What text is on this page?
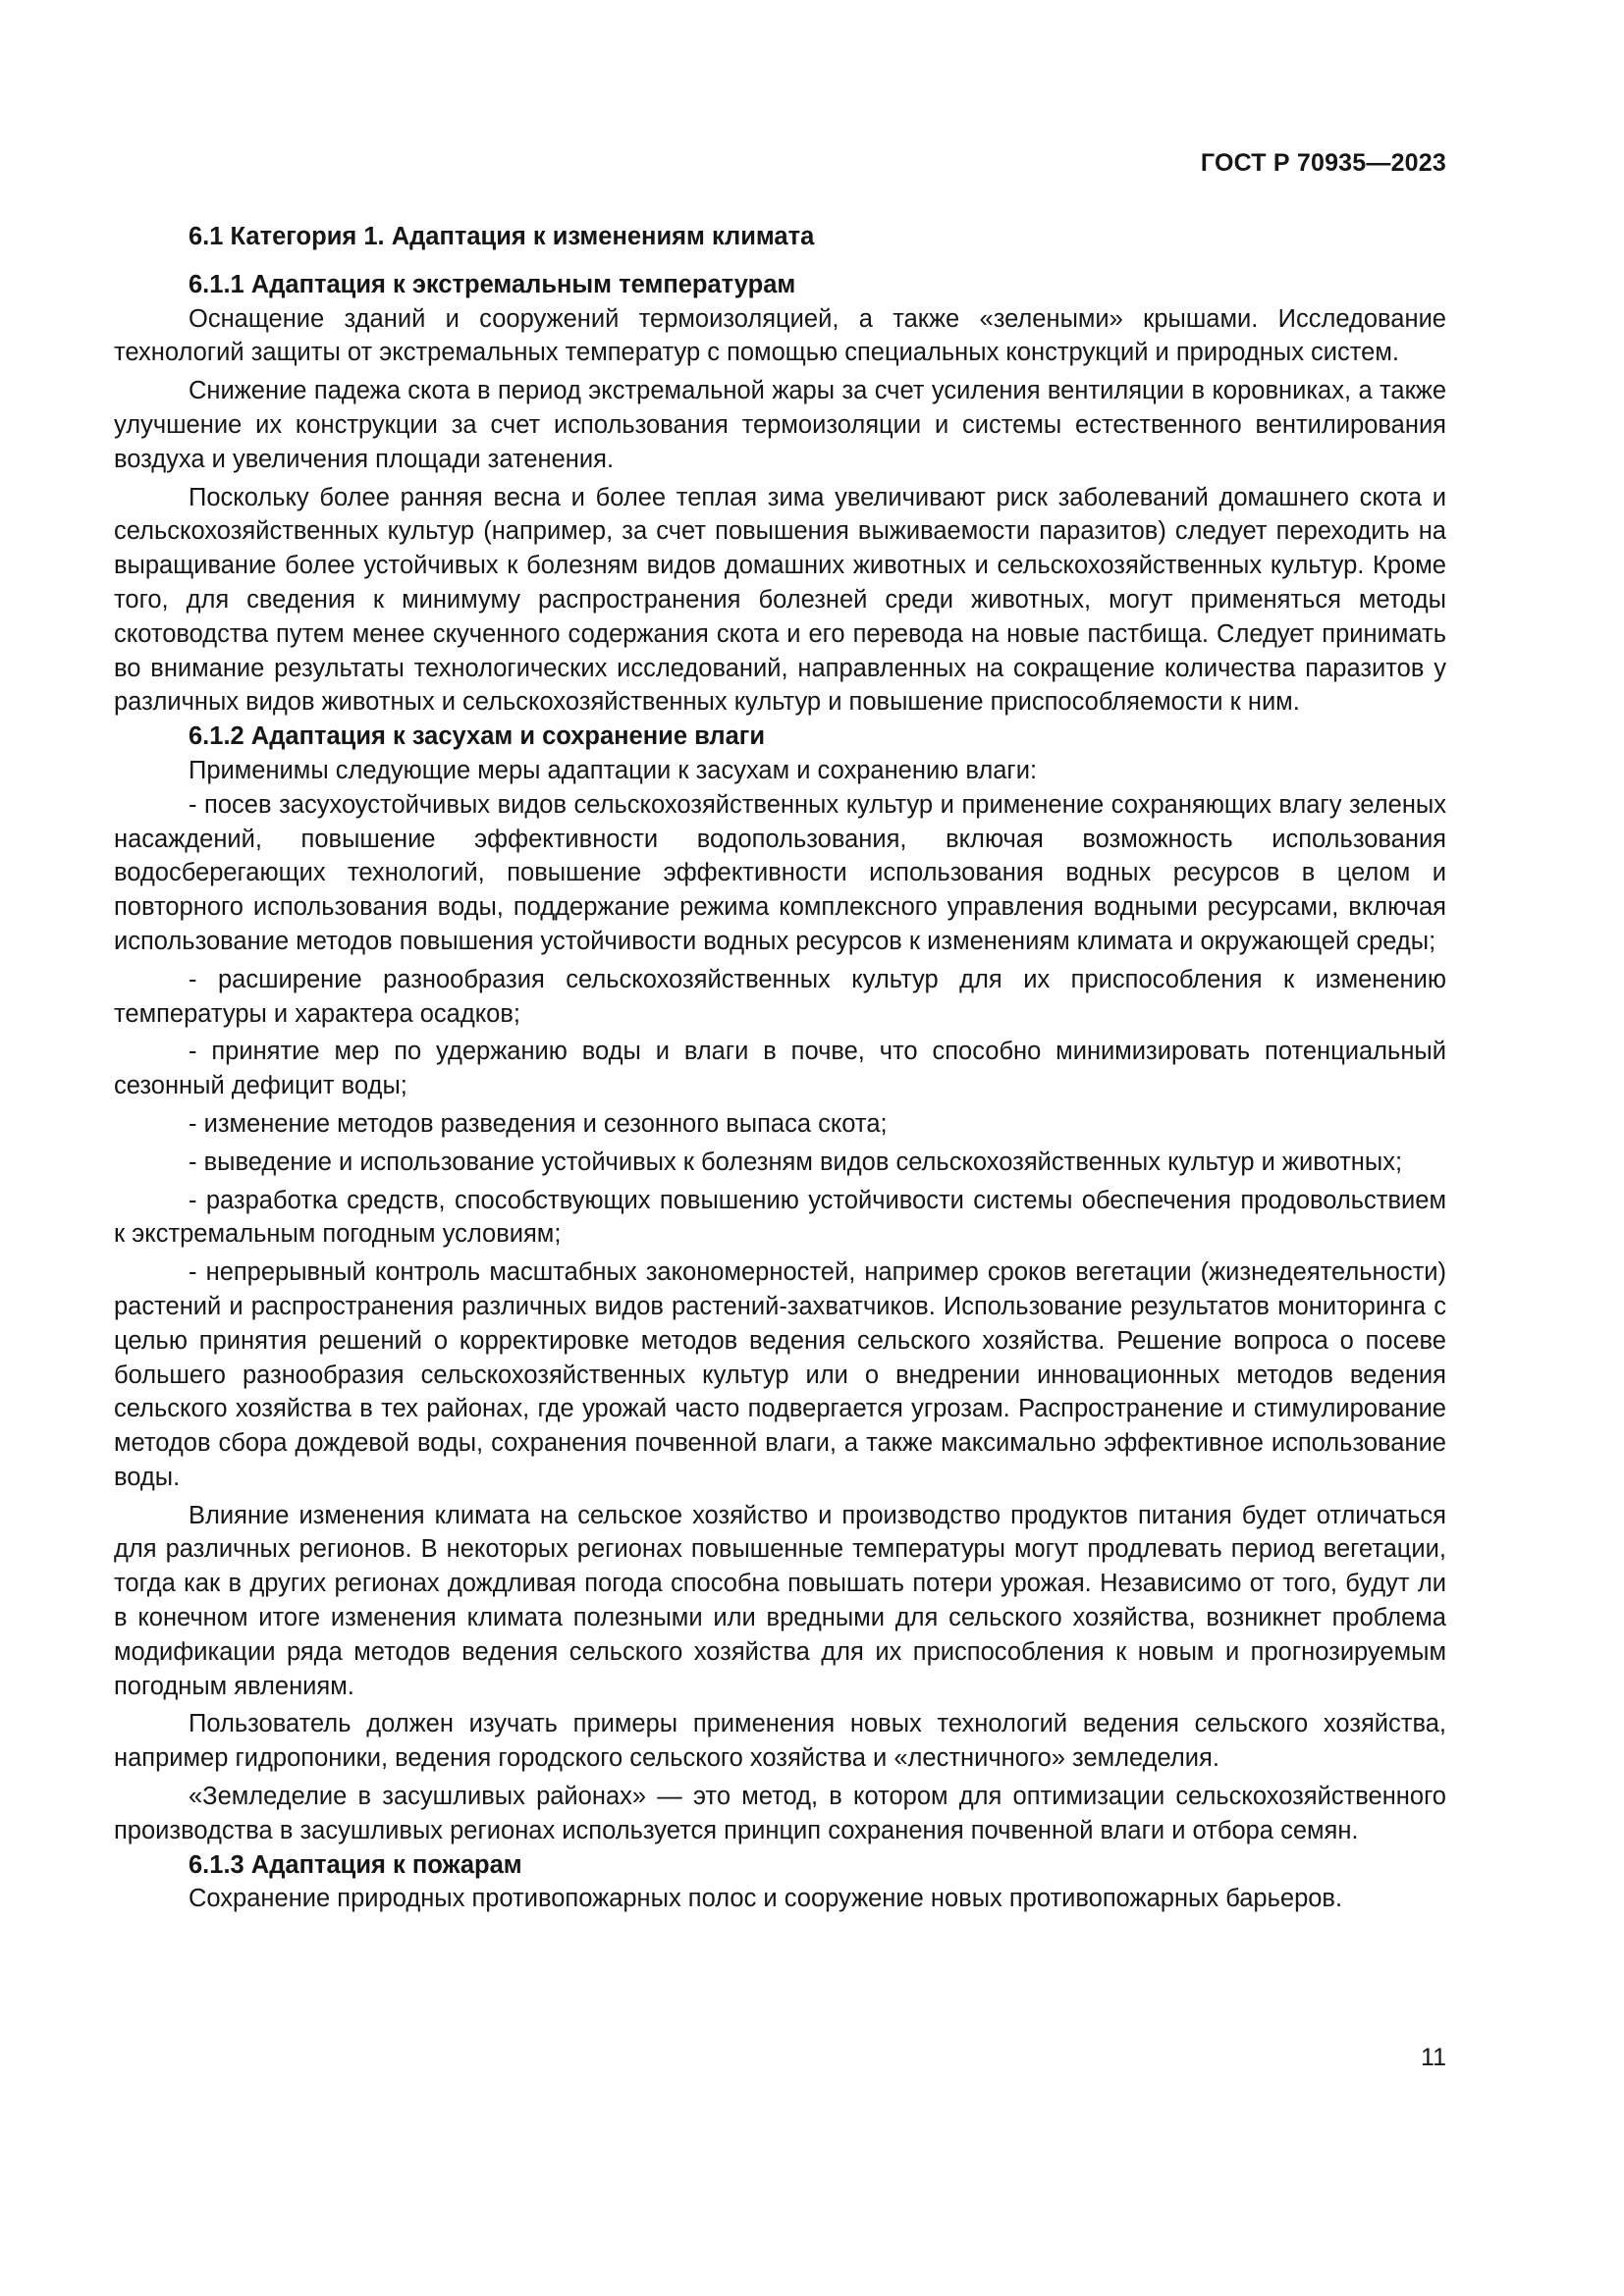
ГОСТ Р 70935—2023
6.1 Категория 1. Адаптация к изменениям климата
6.1.1 Адаптация к экстремальным температурам

Оснащение зданий и сооружений термоизоляцией, а также «зелеными» крышами. Исследование технологий защиты от экстремальных температур с помощью специальных конструкций и природных систем.

Снижение падежа скота в период экстремальной жары за счет усиления вентиляции в коровниках, а также улучшение их конструкции за счет использования термоизоляции и системы естественного вентилирования воздуха и увеличения площади затенения.

Поскольку более ранняя весна и более теплая зима увеличивают риск заболеваний домашнего скота и сельскохозяйственных культур (например, за счет повышения выживаемости паразитов) следует переходить на выращивание более устойчивых к болезням видов домашних животных и сельскохозяйственных культур. Кроме того, для сведения к минимуму распространения болезней среди животных, могут применяться методы скотоводства путем менее скученного содержания скота и его перевода на новые пастбища. Следует принимать во внимание результаты технологических исследований, направленных на сокращение количества паразитов у различных видов животных и сельскохозяйственных культур и повышение приспособляемости к ним.

6.1.2 Адаптация к засухам и сохранение влаги

Применимы следующие меры адаптации к засухам и сохранению влаги:

- посев засухоустойчивых видов сельскохозяйственных культур и применение сохраняющих влагу зеленых насаждений, повышение эффективности водопользования, включая возможность использования водосберегающих технологий, повышение эффективности использования водных ресурсов в целом и повторного использования воды, поддержание режима комплексного управления водными ресурсами, включая использование методов повышения устойчивости водных ресурсов к изменениям климата и окружающей среды;

- расширение разнообразия сельскохозяйственных культур для их приспособления к изменению температуры и характера осадков;

- принятие мер по удержанию воды и влаги в почве, что способно минимизировать потенциальный сезонный дефицит воды;

- изменение методов разведения и сезонного выпаса скота;

- выведение и использование устойчивых к болезням видов сельскохозяйственных культур и животных;

- разработка средств, способствующих повышению устойчивости системы обеспечения продовольствием к экстремальным погодным условиям;

- непрерывный контроль масштабных закономерностей, например сроков вегетации (жизнедеятельности) растений и распространения различных видов растений-захватчиков. Использование результатов мониторинга с целью принятия решений о корректировке методов ведения сельского хозяйства. Решение вопроса о посеве большего разнообразия сельскохозяйственных культур или о внедрении инновационных методов ведения сельского хозяйства в тех районах, где урожай часто подвергается угрозам. Распространение и стимулирование методов сбора дождевой воды, сохранения почвенной влаги, а также максимально эффективное использование воды.

Влияние изменения климата на сельское хозяйство и производство продуктов питания будет отличаться для различных регионов. В некоторых регионах повышенные температуры могут продлевать период вегетации, тогда как в других регионах дождливая погода способна повышать потери урожая. Независимо от того, будут ли в конечном итоге изменения климата полезными или вредными для сельского хозяйства, возникнет проблема модификации ряда методов ведения сельского хозяйства для их приспособления к новым и прогнозируемым погодным явлениям.

Пользователь должен изучать примеры применения новых технологий ведения сельского хозяйства, например гидропоники, ведения городского сельского хозяйства и «лестничного» земледелия.

«Земледелие в засушливых районах» — это метод, в котором для оптимизации сельскохозяйственного производства в засушливых регионах используется принцип сохранения почвенной влаги и отбора семян.

6.1.3 Адаптация к пожарам

Сохранение природных противопожарных полос и сооружение новых противопожарных барьеров.

11
